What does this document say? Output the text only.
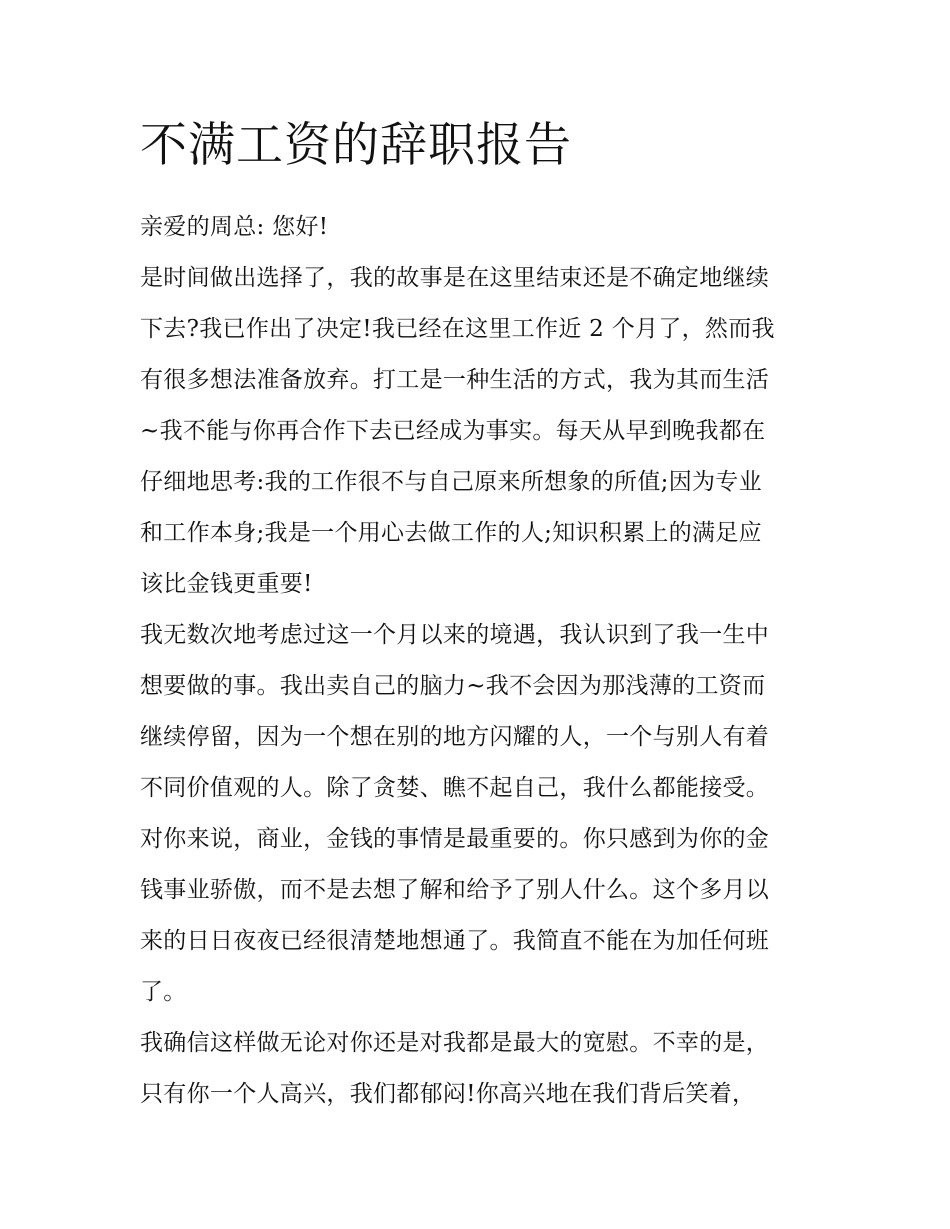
不满工资的辞职报告

亲爱的周总: 您好!

是时间做出选择了，我的故事是在这里结束还是不确定地继续
下去?我已作出了决定!我已经在这里工作近 2 个月了，然而我
有很多想法准备放弃。打工是一种生活的方式，我为其而生活
~我不能与你再合作下去已经成为事实。每天从早到晚我都在
仔细地思考:我的工作很不与自己原来所想象的所值;因为专业
和工作本身;我是一个用心去做工作的人;知识积累上的满足应
该比金钱更重要!

我无数次地考虑过这一个月以来的境遇，我认识到了我一生中
想要做的事。我出卖自己的脑力~我不会因为那浅薄的工资而
继续停留，因为一个想在别的地方闪耀的人，一个与别人有着
不同价值观的人。除了贪婪、瞧不起自己，我什么都能接受。
对你来说，商业，金钱的事情是最重要的。你只感到为你的金
钱事业骄傲，而不是去想了解和给予了别人什么。这个多月以
来的日日夜夜已经很清楚地想通了。我简直不能在为加任何班
了。

我确信这样做无论对你还是对我都是最大的宽慰。不幸的是，
只有你一个人高兴，我们都郁闷!你高兴地在我们背后笑着，
